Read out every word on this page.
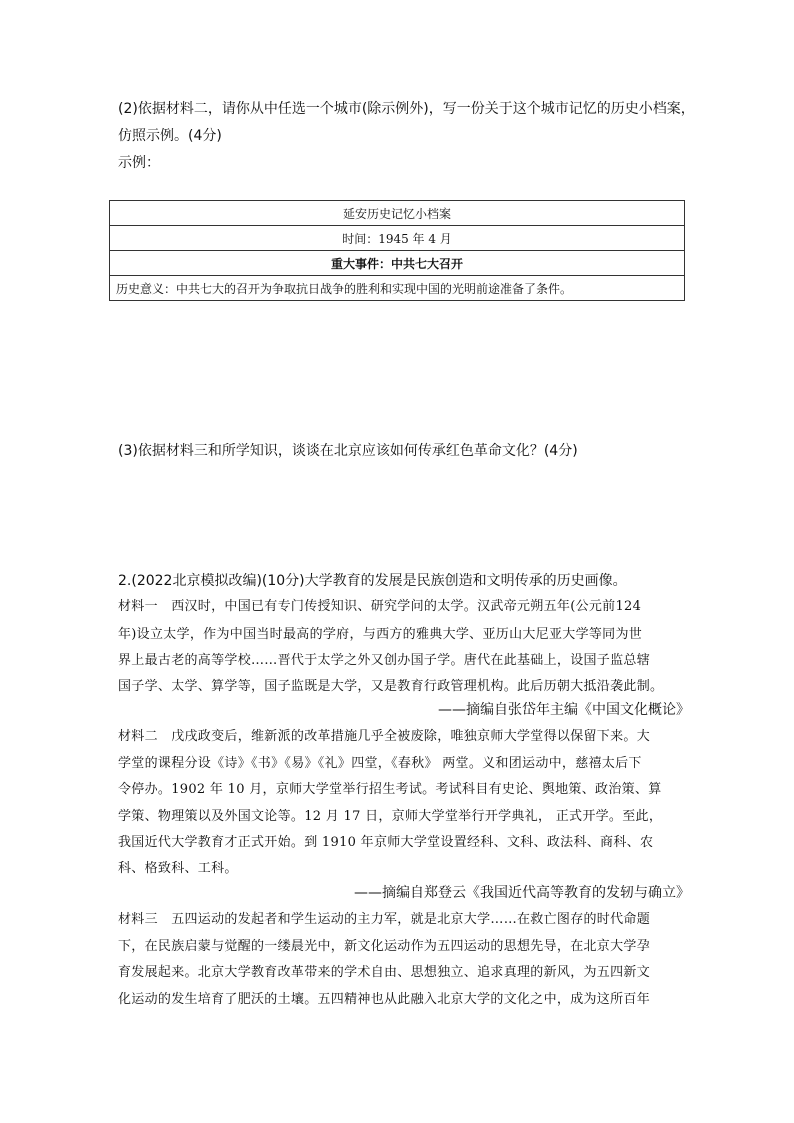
(2)依据材料二，请你从中任选一个城市(除示例外)，写一份关于这个城市记忆的历史小档案，
仿照示例。(4分)
示例：
延安历史记忆小档案
时间：1945 年 4 月
重大事件：中共七大召开
历史意义：中共七大的召开为争取抗日战争的胜利和实现中国的光明前途准备了条件。
(3)依据材料三和所学知识，谈谈在北京应该如何传承红色革命文化？(4分)
2.(2022北京模拟改编)(10分)大学教育的发展是民族创造和文明传承的历史画像。
材料一　西汉时，中国已有专门传授知识、研究学问的太学。汉武帝元朔五年(公元前124
年)设立太学，作为中国当时最高的学府，与西方的雅典大学、亚历山大尼亚大学等同为世
界上最古老的高等学校……晋代于太学之外又创办国子学。唐代在此基础上，设国子监总辖
国子学、太学、算学等，国子监既是大学，又是教育行政管理机构。此后历朝大抵沿袭此制。
——摘编自张岱年主编《中国文化概论》
材料二　戊戌政变后，维新派的改革措施几乎全被废除，唯独京师大学堂得以保留下来。大
学堂的课程分设《诗》《书》《易》《礼》四堂，《春秋》 两堂。义和团运动中，慈禧太后下
令停办。1902 年 10 月，京师大学堂举行招生考试。考试科目有史论、舆地策、政治策、算
学策、物理策以及外国文论等。12 月 17 日，京师大学堂举行开学典礼， 正式开学。至此，
我国近代大学教育才正式开始。到 1910 年京师大学堂设置经科、文科、政法科、商科、农
科、格致科、工科。
——摘编自郑登云《我国近代高等教育的发轫与确立》
材料三　五四运动的发起者和学生运动的主力军，就是北京大学……在救亡图存的时代命题
下，在民族启蒙与觉醒的一缕晨光中，新文化运动作为五四运动的思想先导，在北京大学孕
育发展起来。北京大学教育改革带来的学术自由、思想独立、追求真理的新风，为五四新文
化运动的发生培育了肥沃的土壤。五四精神也从此融入北京大学的文化之中，成为这所百年
